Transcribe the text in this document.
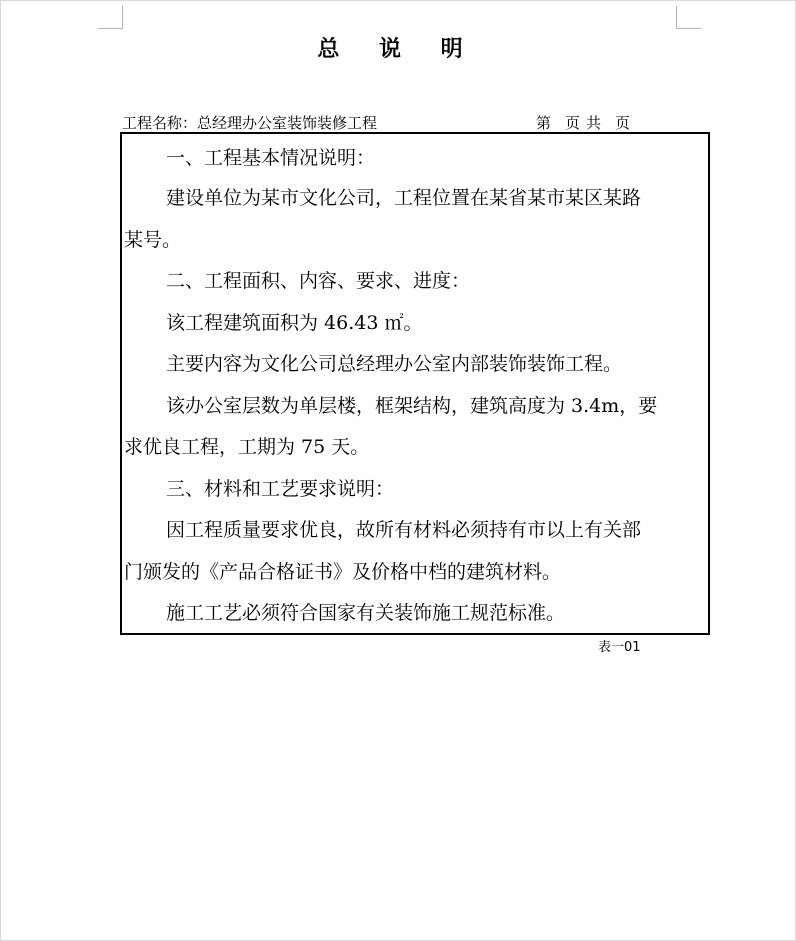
总 说 明
工程名称：总经理办公室装饰装修工程	第 页 共 页
一、工程基本情况说明：
建设单位为某市文化公司，工程位置在某省某市某区某路
某号。
二、工程面积、内容、要求、进度：
该工程建筑面积为 46.43 ㎡。
主要内容为文化公司总经理办公室内部装饰装饰工程。
该办公室层数为单层楼，框架结构，建筑高度为 3.4m，要
求优良工程，工期为 75 天。
三、材料和工艺要求说明：
因工程质量要求优良，故所有材料必须持有市以上有关部
门颁发的《产品合格证书》及价格中档的建筑材料。
施工工艺必须符合国家有关装饰施工规范标准。
表一01
